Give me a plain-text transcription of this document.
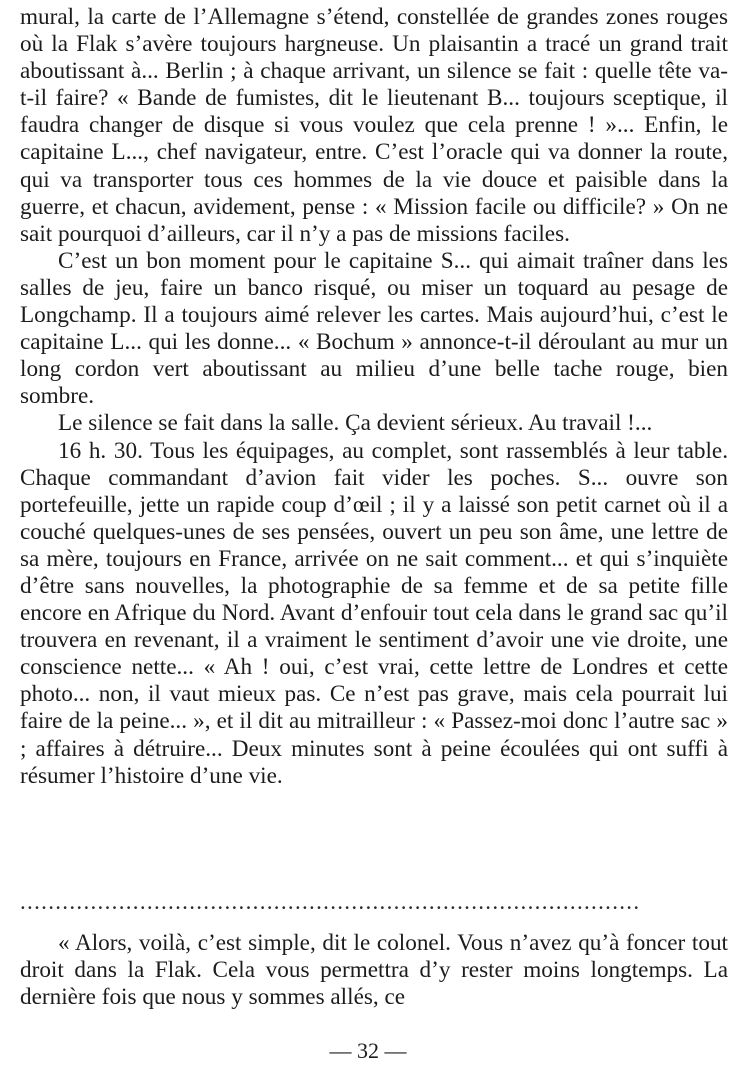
mural, la carte de l’Allemagne s’étend, constellée de grandes zones rouges où la Flak s’avère toujours hargneuse. Un plaisantin a tracé un grand trait aboutissant à... Berlin ; à chaque arrivant, un silence se fait : quelle tête va-t-il faire? « Bande de fumistes, dit le lieutenant B... toujours sceptique, il faudra changer de disque si vous voulez que cela prenne ! »... Enfin, le capitaine L..., chef navigateur, entre. C’est l’oracle qui va donner la route, qui va transporter tous ces hommes de la vie douce et paisible dans la guerre, et chacun, avidement, pense : « Mission facile ou difficile? » On ne sait pourquoi d’ailleurs, car il n’y a pas de missions faciles.

C’est un bon moment pour le capitaine S... qui aimait traîner dans les salles de jeu, faire un banco risqué, ou miser un toquard au pesage de Longchamp. Il a toujours aimé relever les cartes. Mais aujourd’hui, c’est le capitaine L... qui les donne... « Bochum » annonce-t-il déroulant au mur un long cordon vert aboutissant au milieu d’une belle tache rouge, bien sombre.

Le silence se fait dans la salle. Ça devient sérieux. Au travail !...

16 h. 30. Tous les équipages, au complet, sont rassemblés à leur table. Chaque commandant d’avion fait vider les poches. S... ouvre son portefeuille, jette un rapide coup d’œil ; il y a laissé son petit carnet où il a couché quelques-unes de ses pensées, ouvert un peu son âme, une lettre de sa mère, toujours en France, arrivée on ne sait comment... et qui s’inquiète d’être sans nouvelles, la photographie de sa femme et de sa petite fille encore en Afrique du Nord. Avant d’enfouir tout cela dans le grand sac qu’il trouvera en revenant, il a vraiment le sentiment d’avoir une vie droite, une conscience nette... « Ah ! oui, c’est vrai, cette lettre de Londres et cette photo... non, il vaut mieux pas. Ce n’est pas grave, mais cela pourrait lui faire de la peine... », et il dit au mitrailleur : « Passez-moi donc l’autre sac » ; affaires à détruire... Deux minutes sont à peine écoulées qui ont suffi à résumer l’histoire d’une vie.

........................................................................................

« Alors, voilà, c’est simple, dit le colonel. Vous n’avez qu’à foncer tout droit dans la Flak. Cela vous permettra d’y rester moins longtemps. La dernière fois que nous y sommes allés, ce

— 32 —
